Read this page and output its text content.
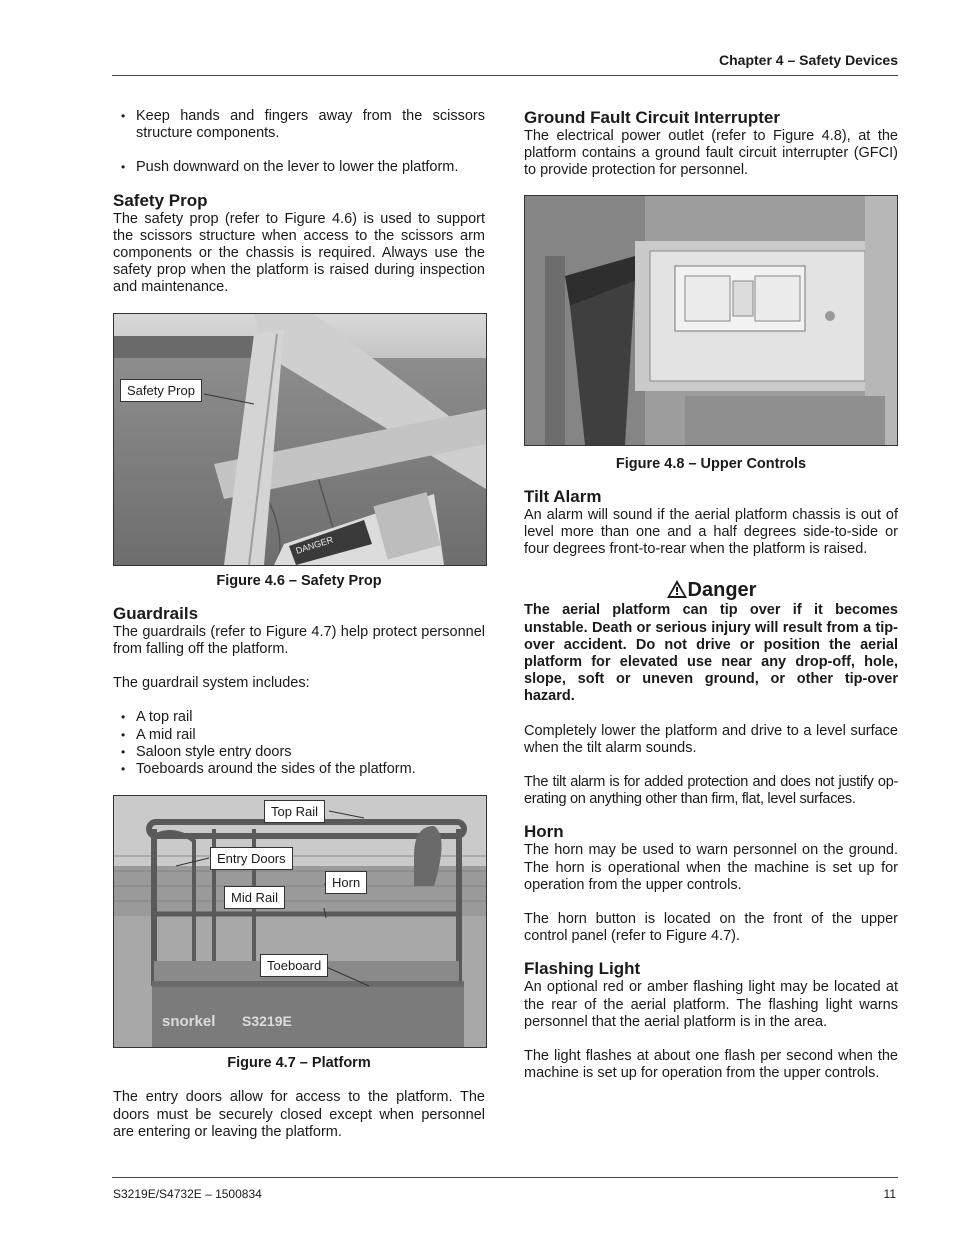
Chapter 4 – Safety Devices
• Keep hands and fingers away from the scissors structure components.
• Push downward on the lever to lower the platform.
Safety Prop

The safety prop (refer to Figure 4.6) is used to support the scissors structure when access to the scissors arm components or the chassis is required. Always use the safety prop when the platform is raised during inspection and maintenance.

DANGER
Safety Prop
Figure 4.6 – Safety Prop
Guardrails

The guardrails (refer to Figure 4.7) help protect personnel from falling off the platform.

The guardrail system includes:

• A top rail
• A mid rail
• Saloon style entry doors
• Toeboards around the sides of the platform.
snorkel S3219E
Top Rail
Entry Doors
Horn
Mid Rail
Toeboard
Figure 4.7 – Platform

The entry doors allow for access to the platform. The doors must be securely closed except when personnel are entering or leaving the platform.

Ground Fault Circuit Interrupter

The electrical power outlet (refer to Figure 4.8), at the platform contains a ground fault circuit interrupter (GFCI) to provide protection for personnel.

Figure 4.8 – Upper Controls
Tilt Alarm

An alarm will sound if the aerial platform chassis is out of level more than one and a half degrees side-to-side or four degrees front-to-rear when the platform is raised.

Danger

The aerial platform can tip over if it becomes unstable. Death or serious injury will result from a tip-over accident. Do not drive or position the aerial platform for elevated use near any drop-off, hole, slope, soft or uneven ground, or other tip-over hazard.

Completely lower the platform and drive to a level surface when the tilt alarm sounds.

The tilt alarm is for added protection and does not justify op-erating on anything other than firm, flat, level surfaces.

Horn

The horn may be used to warn personnel on the ground. The horn is operational when the machine is set up for operation from the upper controls.

The horn button is located on the front of the upper control panel (refer to Figure 4.7).

Flashing Light

An optional red or amber flashing light may be located at the rear of the aerial platform. The flashing light warns personnel that the aerial platform is in the area.

The light flashes at about one flash per second when the machine is set up for operation from the upper controls.

S3219E/S4732E – 1500834	11
